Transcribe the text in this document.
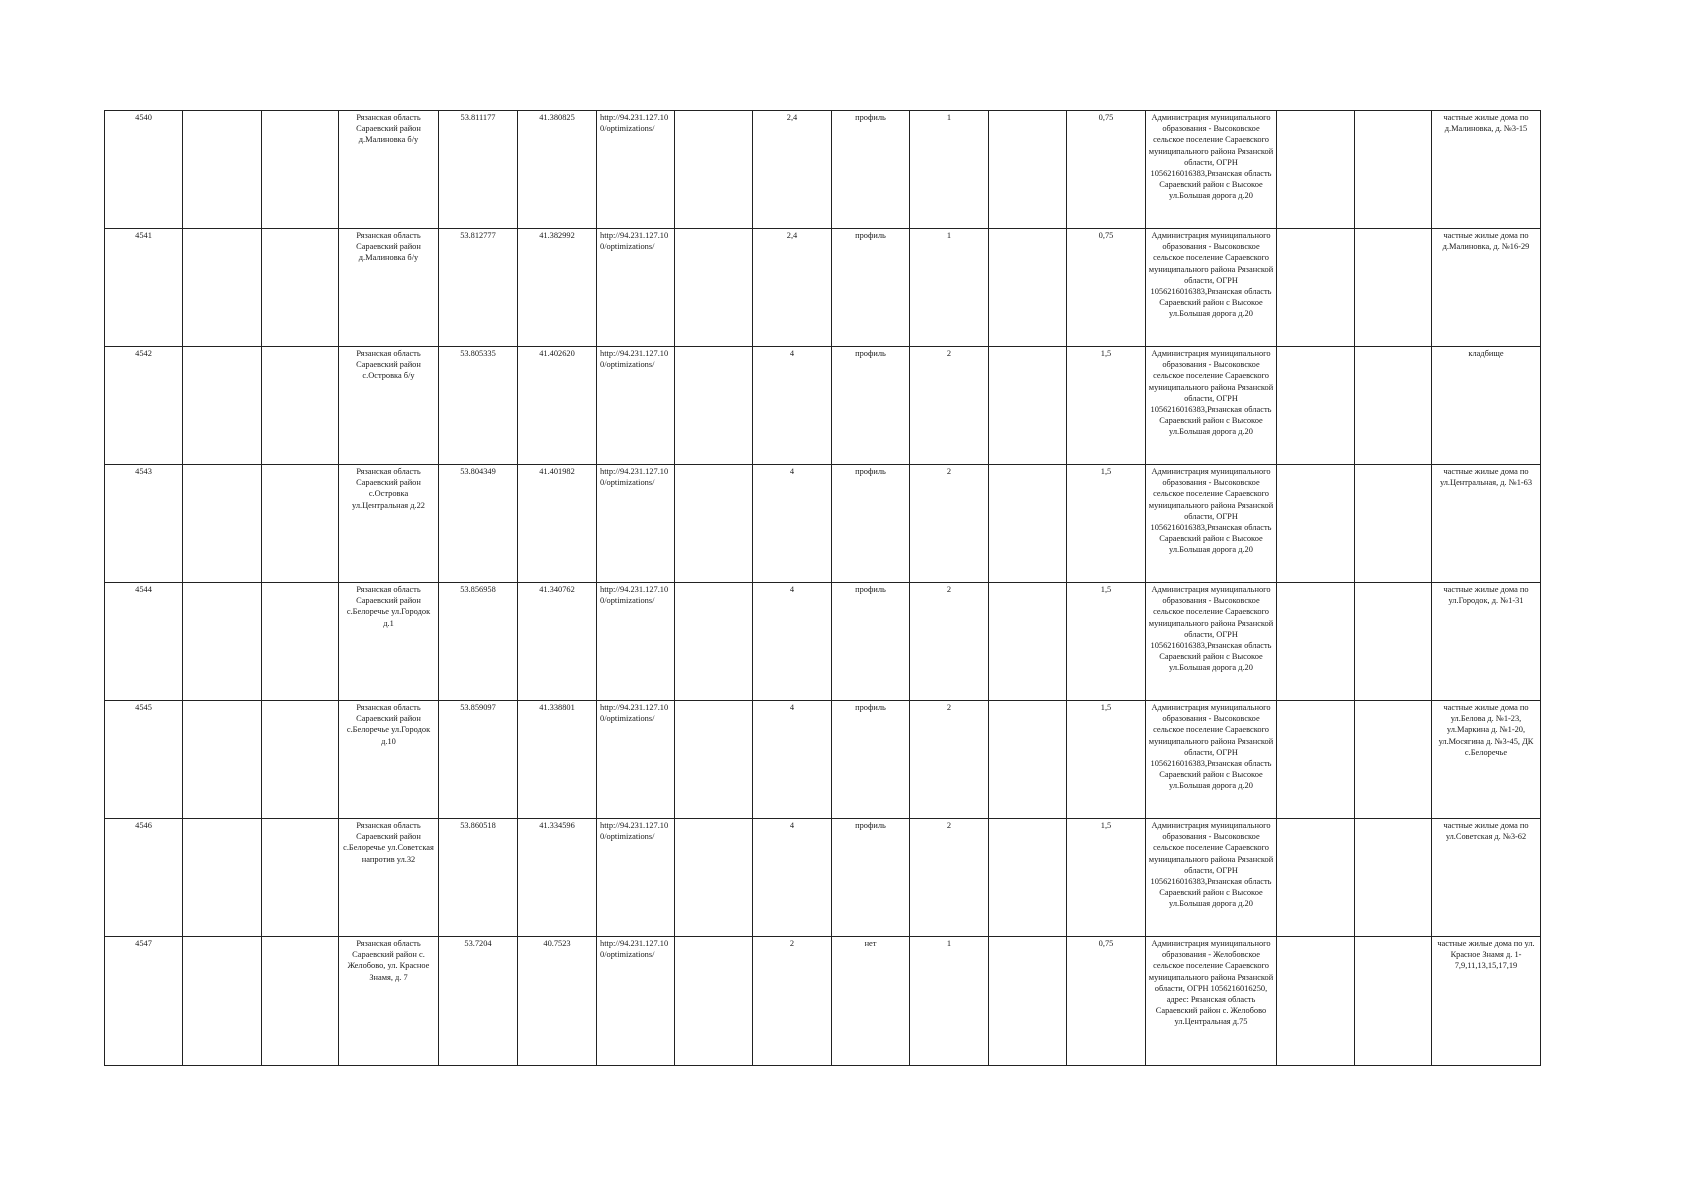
4540			Рязанская область Сараевский район д.Малиновка б/у	53.811177	41.380825	http://94.231.127.10 0/optimizations/		2,4	профиль	1		0,75	Администрация муниципального образования - Высоковское сельское поселение Сараевского муниципального района Рязанской области, ОГРН 1056216016383,Рязанская область Сараевский район с Высокое ул.Большая дорога д.20			частные жилые дома по д.Малиновка, д. №3-15
4541			Рязанская область Сараевский район д.Малиновка б/у	53.812777	41.382992	http://94.231.127.10 0/optimizations/		2,4	профиль	1		0,75	Администрация муниципального образования - Высоковское сельское поселение Сараевского муниципального района Рязанской области, ОГРН 1056216016383,Рязанская область Сараевский район с Высокое ул.Большая дорога д.20			частные жилые дома по д.Малиновка, д. №16-29
4542			Рязанская область Сараевский район с.Островка б/у	53.805335	41.402620	http://94.231.127.10 0/optimizations/		4	профиль	2		1,5	Администрация муниципального образования - Высоковское сельское поселение Сараевского муниципального района Рязанской области, ОГРН 1056216016383,Рязанская область Сараевский район с Высокое ул.Большая дорога д.20			кладбище
4543			Рязанская область Сараевский район с.Островка ул.Центральная д.22	53.804349	41.401982	http://94.231.127.10 0/optimizations/		4	профиль	2		1,5	Администрация муниципального образования - Высоковское сельское поселение Сараевского муниципального района Рязанской области, ОГРН 1056216016383,Рязанская область Сараевский район с Высокое ул.Большая дорога д.20			частные жилые дома по ул.Центральная, д. №1-63
4544			Рязанская область Сараевский район с.Белоречье ул.Городок д.1	53.856958	41.340762	http://94.231.127.10 0/optimizations/		4	профиль	2		1,5	Администрация муниципального образования - Высоковское сельское поселение Сараевского муниципального района Рязанской области, ОГРН 1056216016383,Рязанская область Сараевский район с Высокое ул.Большая дорога д.20			частные жилые дома по ул.Городок, д. №1-31
4545			Рязанская область Сараевский район с.Белоречье ул.Городок д.10	53.859097	41.338801	http://94.231.127.10 0/optimizations/		4	профиль	2		1,5	Администрация муниципального образования - Высоковское сельское поселение Сараевского муниципального района Рязанской области, ОГРН 1056216016383,Рязанская область Сараевский район с Высокое ул.Большая дорога д.20			частные жилые дома по ул.Белова д. №1-23, ул.Маркина д. №1-20, ул.Мосягина д. №3-45, ДК с.Белоречье
4546			Рязанская область Сараевский район с.Белоречье ул.Советская напротив ул.32	53.860518	41.334596	http://94.231.127.10 0/optimizations/		4	профиль	2		1,5	Администрация муниципального образования - Высоковское сельское поселение Сараевского муниципального района Рязанской области, ОГРН 1056216016383,Рязанская область Сараевский район с Высокое ул.Большая дорога д.20			частные жилые дома по ул.Советская д. №3-62
4547			Рязанская область Сараевский район с. Желобово, ул. Красное Знамя, д. 7	53.7204	40.7523	http://94.231.127.10 0/optimizations/		2	нет	1		0,75	Администрация муниципального образования - Желобовское сельское поселение Сараевского муниципального района Рязанской области, ОГРН 1056216016250, адрес: Рязанская область Сараевский район с. Желобово ул.Центральная д.75			частные жилые дома по ул. Красное Знамя д. 1-7,9,11,13,15,17,19
